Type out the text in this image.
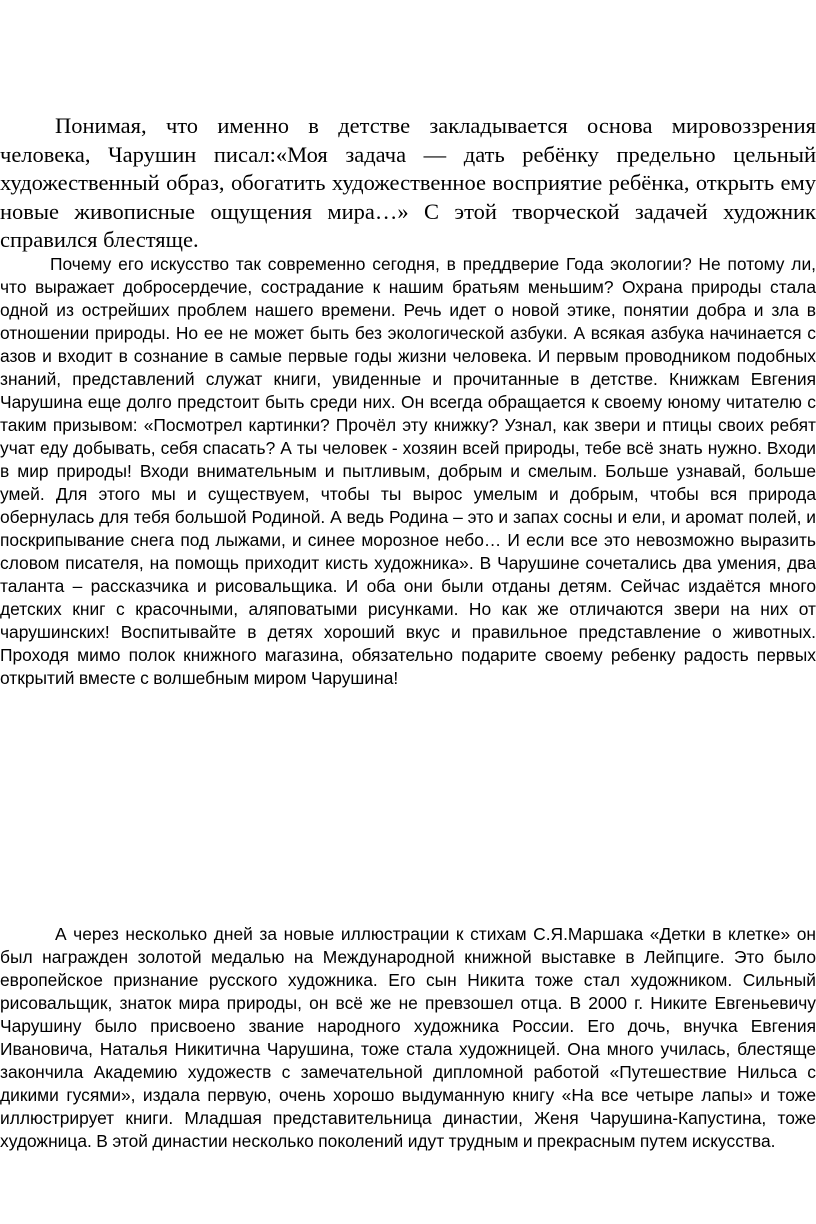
Понимая, что именно в детстве закладывается основа мировоззрения человека, Чарушин писал:«Моя задача — дать ребёнку предельно цельный художественный образ, обогатить художественное восприятие ребёнка, открыть ему новые живописные ощущения мира…» С этой творческой задачей художник справился блестяще.

Почему его искусство так современно сегодня, в преддверие Года экологии? Не потому ли, что выражает добросердечие, сострадание к нашим братьям меньшим? Охрана природы стала одной из острейших проблем нашего времени. Речь идет о новой этике, понятии добра и зла в отношении природы. Но ее не может быть без экологической азбуки. А всякая азбука начинается с азов и входит в сознание в самые первые годы жизни человека. И первым проводником подобных знаний, представлений служат книги, увиденные и прочитанные в детстве. Книжкам Евгения Чарушина еще долго предстоит быть среди них. Он всегда обращается к своему юному читателю с таким призывом: «Посмотрел картинки? Прочёл эту книжку? Узнал, как звери и птицы своих ребят учат еду добывать, себя спасать? А ты человек - хозяин всей природы, тебе всё знать нужно. Входи в мир природы! Входи внимательным и пытливым, добрым и смелым. Больше узнавай, больше умей. Для этого мы и существуем, чтобы ты вырос умелым и добрым, чтобы вся природа обернулась для тебя большой Родиной. А ведь Родина – это и запах сосны и ели, и аромат полей, и поскрипывание снега под лыжами, и синее морозное небо… И если все это невозможно выразить словом писателя, на помощь приходит кисть художника». В Чарушине сочетались два умения, два таланта – рассказчика и рисовальщика. И оба они были отданы детям. Сейчас издаётся много детских книг с красочными, аляповатыми рисунками. Но как же отличаются звери на них от чарушинских! Воспитывайте в детях хороший вкус и правильное представление о животных. Проходя мимо полок книжного магазина, обязательно подарите своему ребенку радость первых открытий вместе с волшебным миром Чарушина!

А через несколько дней за новые иллюстрации к стихам С.Я.Маршака «Детки в клетке» он был награжден золотой медалью на Международной книжной выставке в Лейпциге. Это было европейское признание русского художника. Его сын Никита тоже стал художником. Сильный рисовальщик, знаток мира природы, он всё же не превзошел отца. В 2000 г. Никите Евгеньевичу Чарушину было присвоено звание народного художника России. Его дочь, внучка Евгения Ивановича, Наталья Никитична Чарушина, тоже стала художницей. Она много училась, блестяще закончила Академию художеств с замечательной дипломной работой «Путешествие Нильса с дикими гусями», издала первую, очень хорошо выдуманную книгу «На все четыре лапы» и тоже иллюстрирует книги. Младшая представительница династии, Женя Чарушина-Капустина, тоже художница. В этой династии несколько поколений идут трудным и прекрасным путем искусства.
